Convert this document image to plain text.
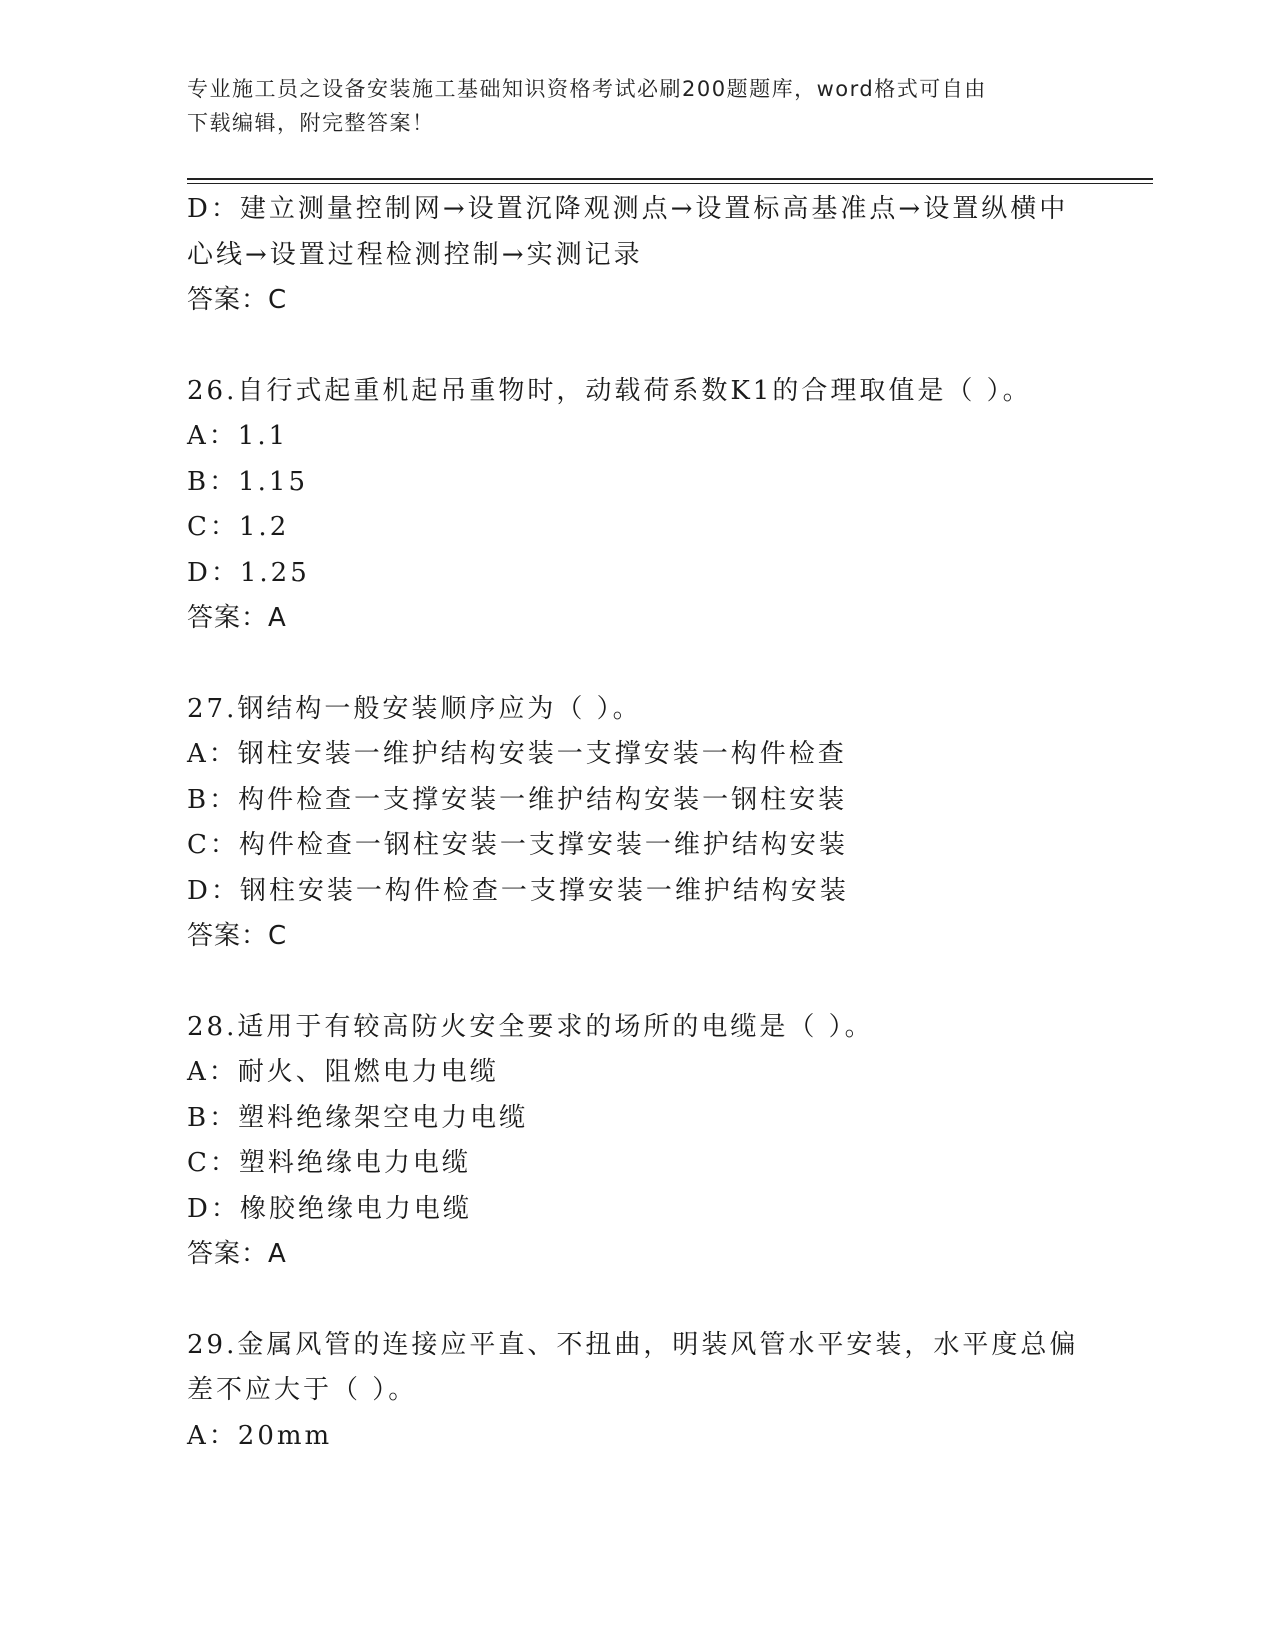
专业施工员之设备安装施工基础知识资格考试必刷200题题库，word格式可自由
下载编辑，附完整答案！
D：建立测量控制网→设置沉降观测点→设置标高基准点→设置纵横中
心线→设置过程检测控制→实测记录
答案：C
26.自行式起重机起吊重物时，动载荷系数K1的合理取值是（ ）。
A：1.1
B：1.15
C：1.2
D：1.25
答案：A
27.钢结构一般安装顺序应为（ ）。
A：钢柱安装一维护结构安装一支撑安装一构件检查
B：构件检查一支撑安装一维护结构安装一钢柱安装
C：构件检查一钢柱安装一支撑安装一维护结构安装
D：钢柱安装一构件检查一支撑安装一维护结构安装
答案：C
28.适用于有较高防火安全要求的场所的电缆是（ ）。
A：耐火、阻燃电力电缆
B：塑料绝缘架空电力电缆
C：塑料绝缘电力电缆
D：橡胶绝缘电力电缆
答案：A
29.金属风管的连接应平直、不扭曲，明装风管水平安装，水平度总偏
差不应大于（ ）。
A：20mm
